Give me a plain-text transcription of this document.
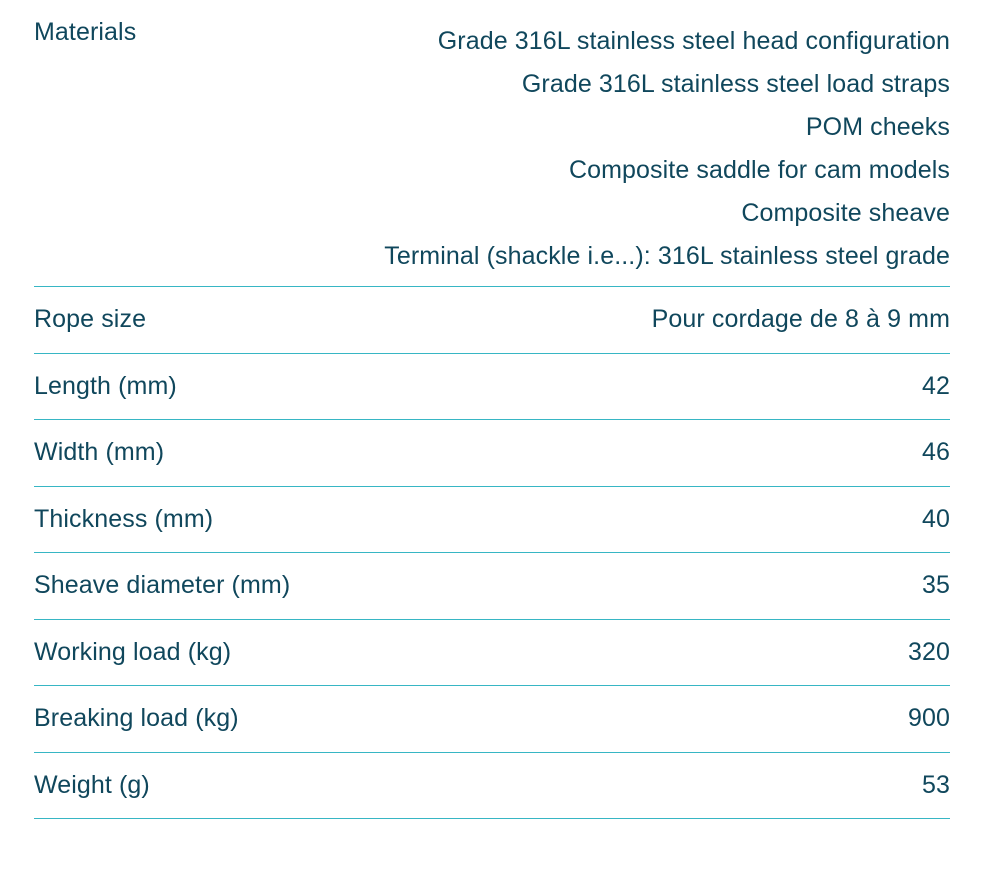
Materials	Grade 316L stainless steel head configuration
Grade 316L stainless steel load straps
POM cheeks
Composite saddle for cam models
Composite sheave
Terminal (shackle i.e...): 316L stainless steel grade

Rope size	Pour cordage de 8 à 9 mm
Length (mm)	42
Width (mm)	46
Thickness (mm)	40
Sheave diameter (mm)	35
Working load (kg)	320
Breaking load (kg)	900
Weight (g)	53
